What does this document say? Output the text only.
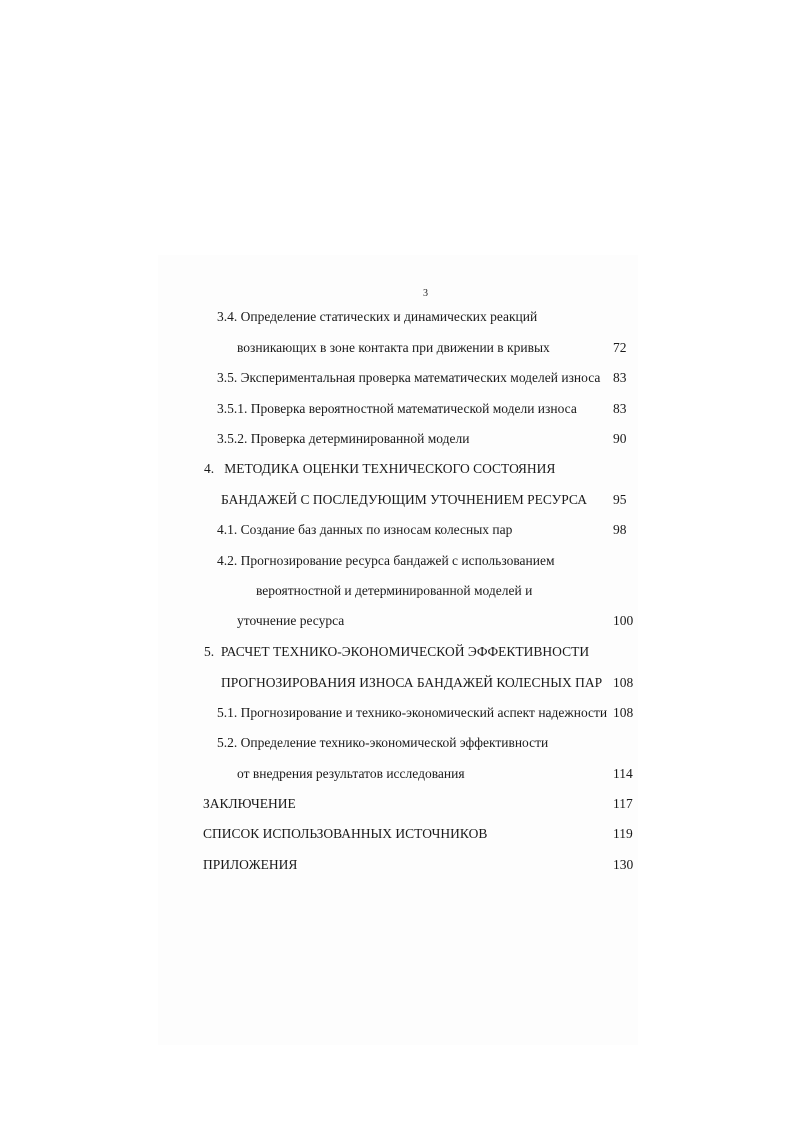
3
3.4. Определение статических и динамических реакций
возникающих в зоне контакта при движении в кривых	72
3.5. Экспериментальная проверка математических моделей износа 83
3.5.1. Проверка вероятностной математической модели износа	83
3.5.2. Проверка детерминированной модели	90
4.   МЕТОДИКА ОЦЕНКИ ТЕХНИЧЕСКОГО СОСТОЯНИЯ
БАНДАЖЕЙ С ПОСЛЕДУЮЩИМ УТОЧНЕНИЕМ РЕСУРСА 95
4.1. Создание баз данных по износам колесных пар	98
4.2. Прогнозирование ресурса бандажей с использованием
вероятностной и детерминированной моделей и
уточнение ресурса	100
5.  РАСЧЕТ ТЕХНИКО-ЭКОНОМИЧЕСКОЙ ЭФФЕКТИВНОСТИ
ПРОГНОЗИРОВАНИЯ ИЗНОСА БАНДАЖЕЙ КОЛЕСНЫХ ПАР 108
5.1. Прогнозирование и технико-экономический аспект надежности 108
5.2. Определение технико-экономической эффективности
от внедрения результатов исследования	114
ЗАКЛЮЧЕНИЕ	117
СПИСОК ИСПОЛЬЗОВАННЫХ ИСТОЧНИКОВ	119
ПРИЛОЖЕНИЯ	130
